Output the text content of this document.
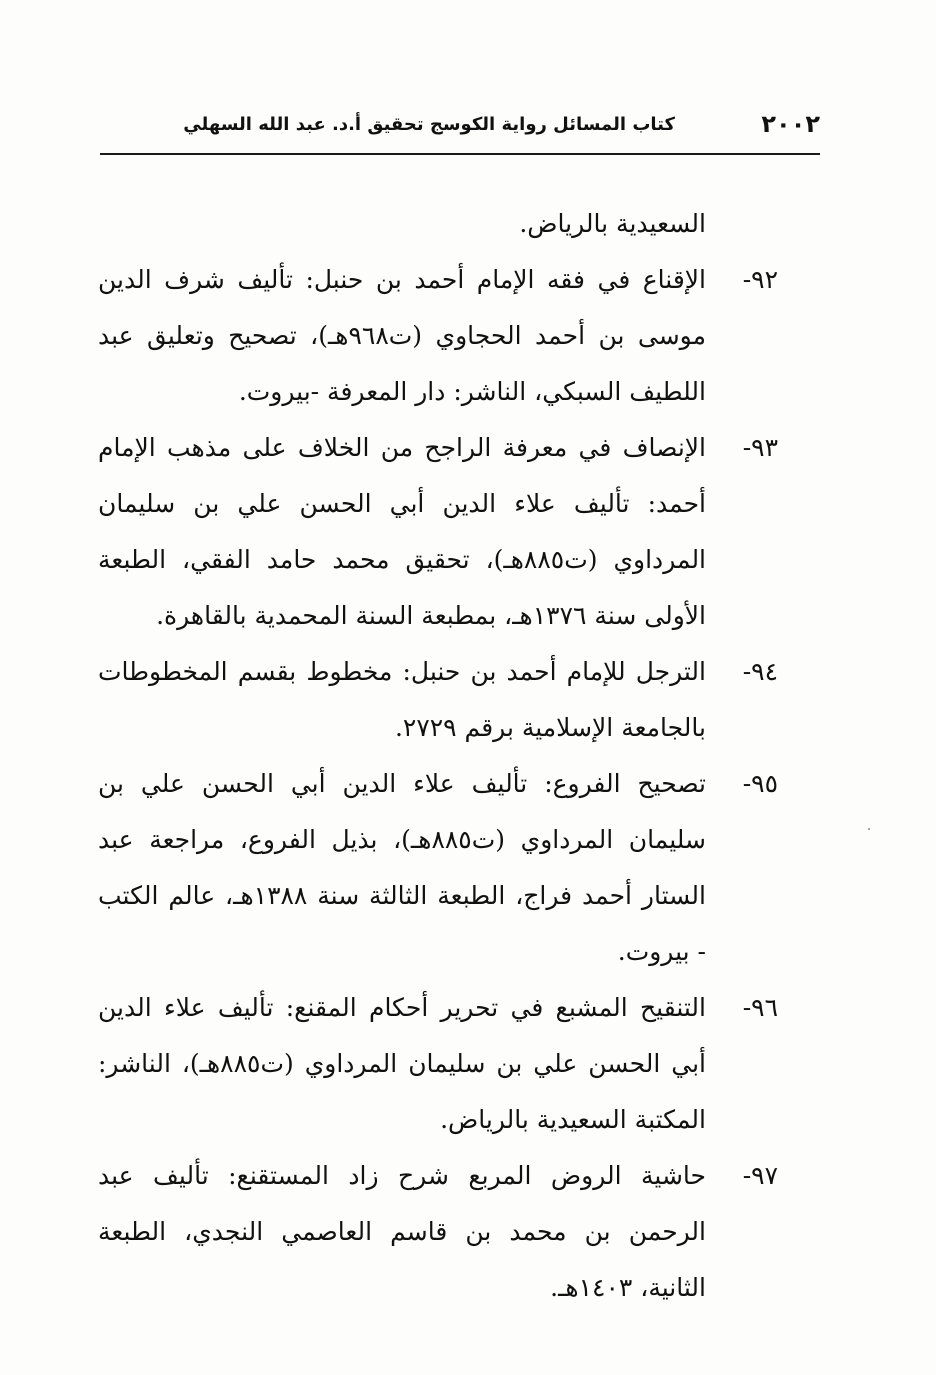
٢٠٠٢
كتاب المسائل رواية الكوسج تحقيق أ.د. عبد الله السهلي

السعيدية بالرياض.

٩٢-
الإقناع في فقه الإمام أحمد بن حنبل: تأليف شرف الدين موسى بن أحمد الحجاوي (ت٩٦٨هـ)، تصحيح وتعليق عبد اللطيف السبكي، الناشر: دار المعرفة -بيروت.

٩٣-
الإنصاف في معرفة الراجح من الخلاف على مذهب الإمام أحمد: تأليف علاء الدين أبي الحسن علي بن سليمان المرداوي (ت٨٨٥هـ)، تحقيق محمد حامد الفقي، الطبعة الأولى سنة ١٣٧٦هـ، بمطبعة السنة المحمدية بالقاهرة.

٩٤-
الترجل للإمام أحمد بن حنبل: مخطوط بقسم المخطوطات بالجامعة الإسلامية برقم ٢٧٢٩.

٩٥-
تصحيح الفروع: تأليف علاء الدين أبي الحسن علي بن سليمان المرداوي (ت٨٨٥هـ)، بذيل الفروع، مراجعة عبد الستار أحمد فراج، الطبعة الثالثة سنة ١٣٨٨هـ، عالم الكتب - بيروت.

٩٦-
التنقيح المشبع في تحرير أحكام المقنع: تأليف علاء الدين أبي الحسن علي بن سليمان المرداوي (ت٨٨٥هـ)، الناشر: المكتبة السعيدية بالرياض.

٩٧-
حاشية الروض المربع شرح زاد المستقنع: تأليف عبد الرحمن بن محمد بن قاسم العاصمي النجدي، الطبعة الثانية، ١٤٠٣هـ.
